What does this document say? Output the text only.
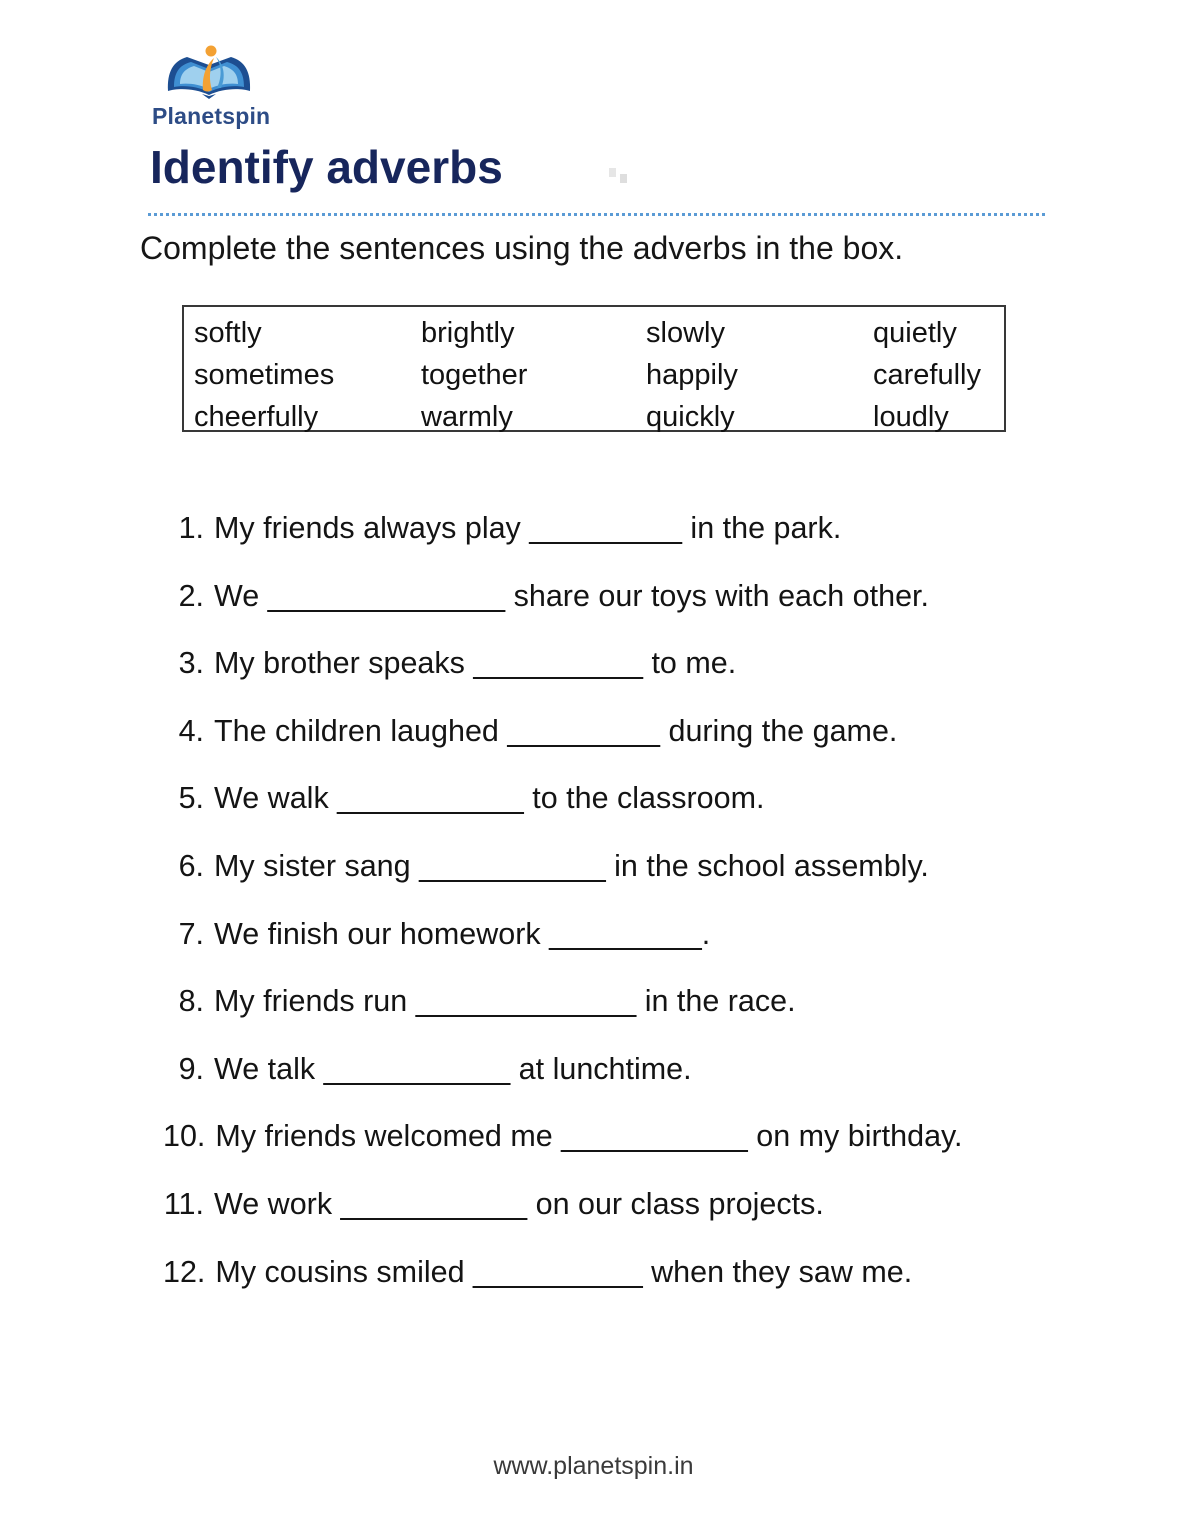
Planetspin
Identify adverbs

Complete the sentences using the adverbs in the box.

softly	brightly	slowly	quietly
sometimes	together	happily	carefully
cheerfully	warmly	quickly	loudly
1. My friends always play _________ in the park.
2. We ______________ share our toys with each other.
3. My brother speaks __________ to me.
4. The children laughed _________ during the game.
5. We walk ___________ to the classroom.
6. My sister sang ___________ in the school assembly.
7. We finish our homework _________.
8. My friends run _____________ in the race.
9. We talk ___________ at lunchtime.
10. My friends welcomed me ___________ on my birthday.
11. We work ___________ on our class projects.
12. My cousins smiled __________ when they saw me.
www.planetspin.in
